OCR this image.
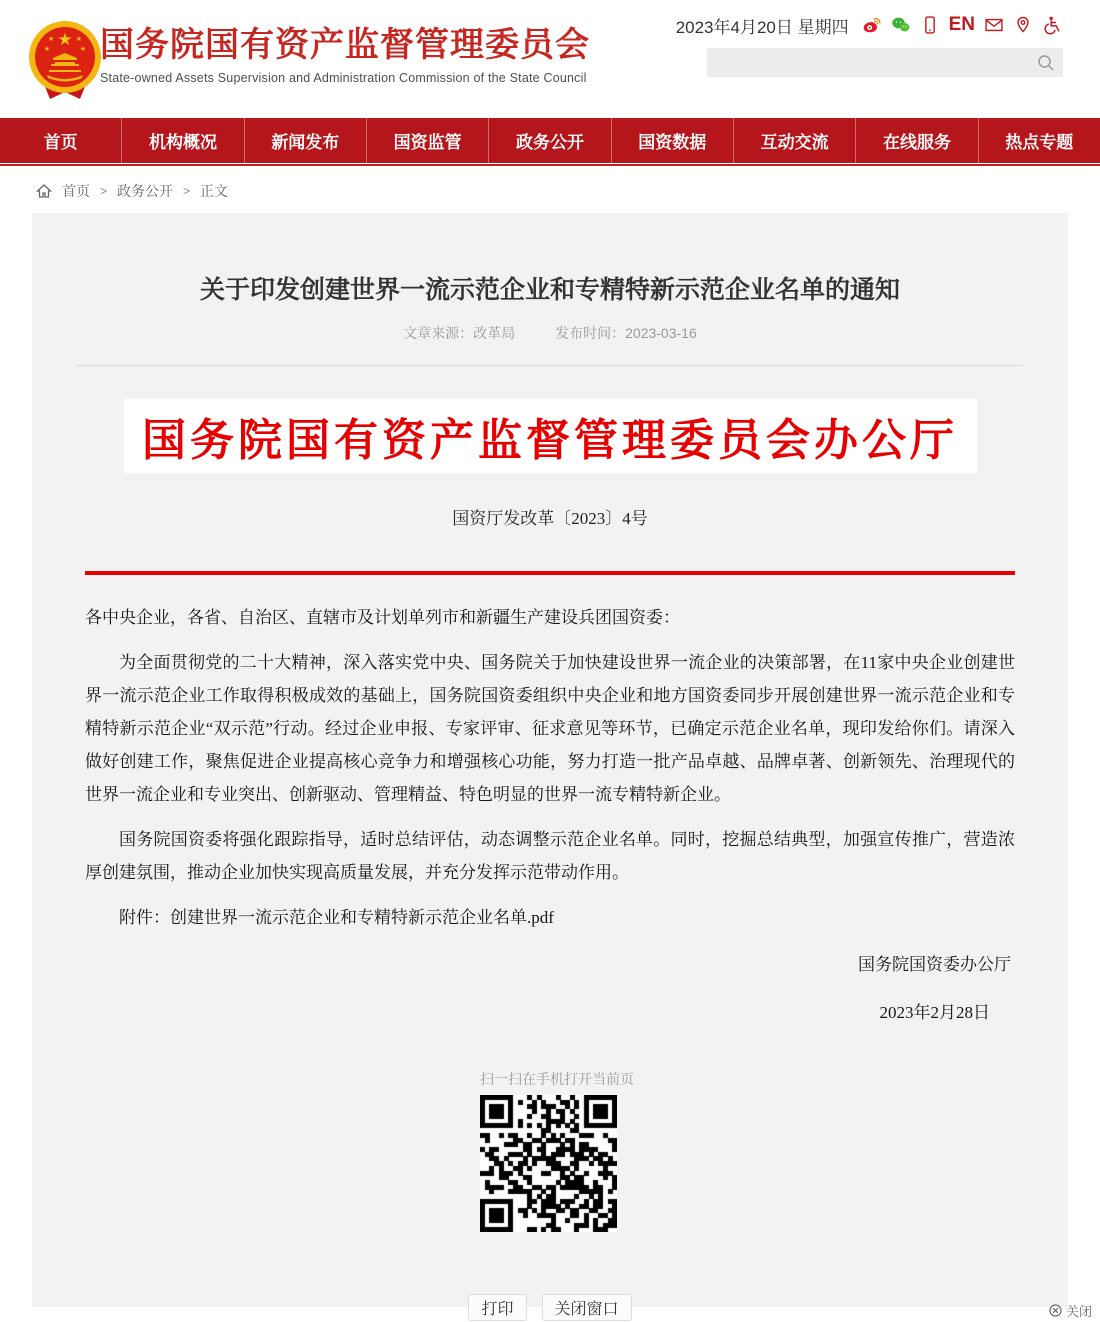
★
★	★
★	★ 国务院国有资产监督管理委员会
State-owned Assets Supervision and Administration Commission of the State Council
2023年4月20日 星期四	EN
首页	机构概况	新闻发布	国资监管	政务公开	国资数据	互动交流	在线服务	热点专题
首页 > 政务公开 > 正文
关于印发创建世界一流示范企业和专精特新示范企业名单的通知
文章来源：改革局	发布时间：2023-03-16
国务院国有资产监督管理委员会办公厅
国资厅发改革〔2023〕4号

各中央企业，各省、自治区、直辖市及计划单列市和新疆生产建设兵团国资委：

为全面贯彻党的二十大精神，深入落实党中央、国务院关于加快建设世界一流企业的决策部署，在11家中央企业创建世界一流示范企业工作取得积极成效的基础上，国务院国资委组织中央企业和地方国资委同步开展创建世界一流示范企业和专精特新示范企业“双示范”行动。经过企业申报、专家评审、征求意见等环节，已确定示范企业名单，现印发给你们。请深入做好创建工作，聚焦促进企业提高核心竞争力和增强核心功能，努力打造一批产品卓越、品牌卓著、创新领先、治理现代的世界一流企业和专业突出、创新驱动、管理精益、特色明显的世界一流专精特新企业。

国务院国资委将强化跟踪指导，适时总结评估，动态调整示范企业名单。同时，挖掘总结典型，加强宣传推广，营造浓厚创建氛围，推动企业加快实现高质量发展，并充分发挥示范带动作用。

附件：创建世界一流示范企业和专精特新示范企业名单.pdf

国务院国资委办公厅
2023年2月28日
扫一扫在手机打开当前页
打印	关闭窗口	关闭
